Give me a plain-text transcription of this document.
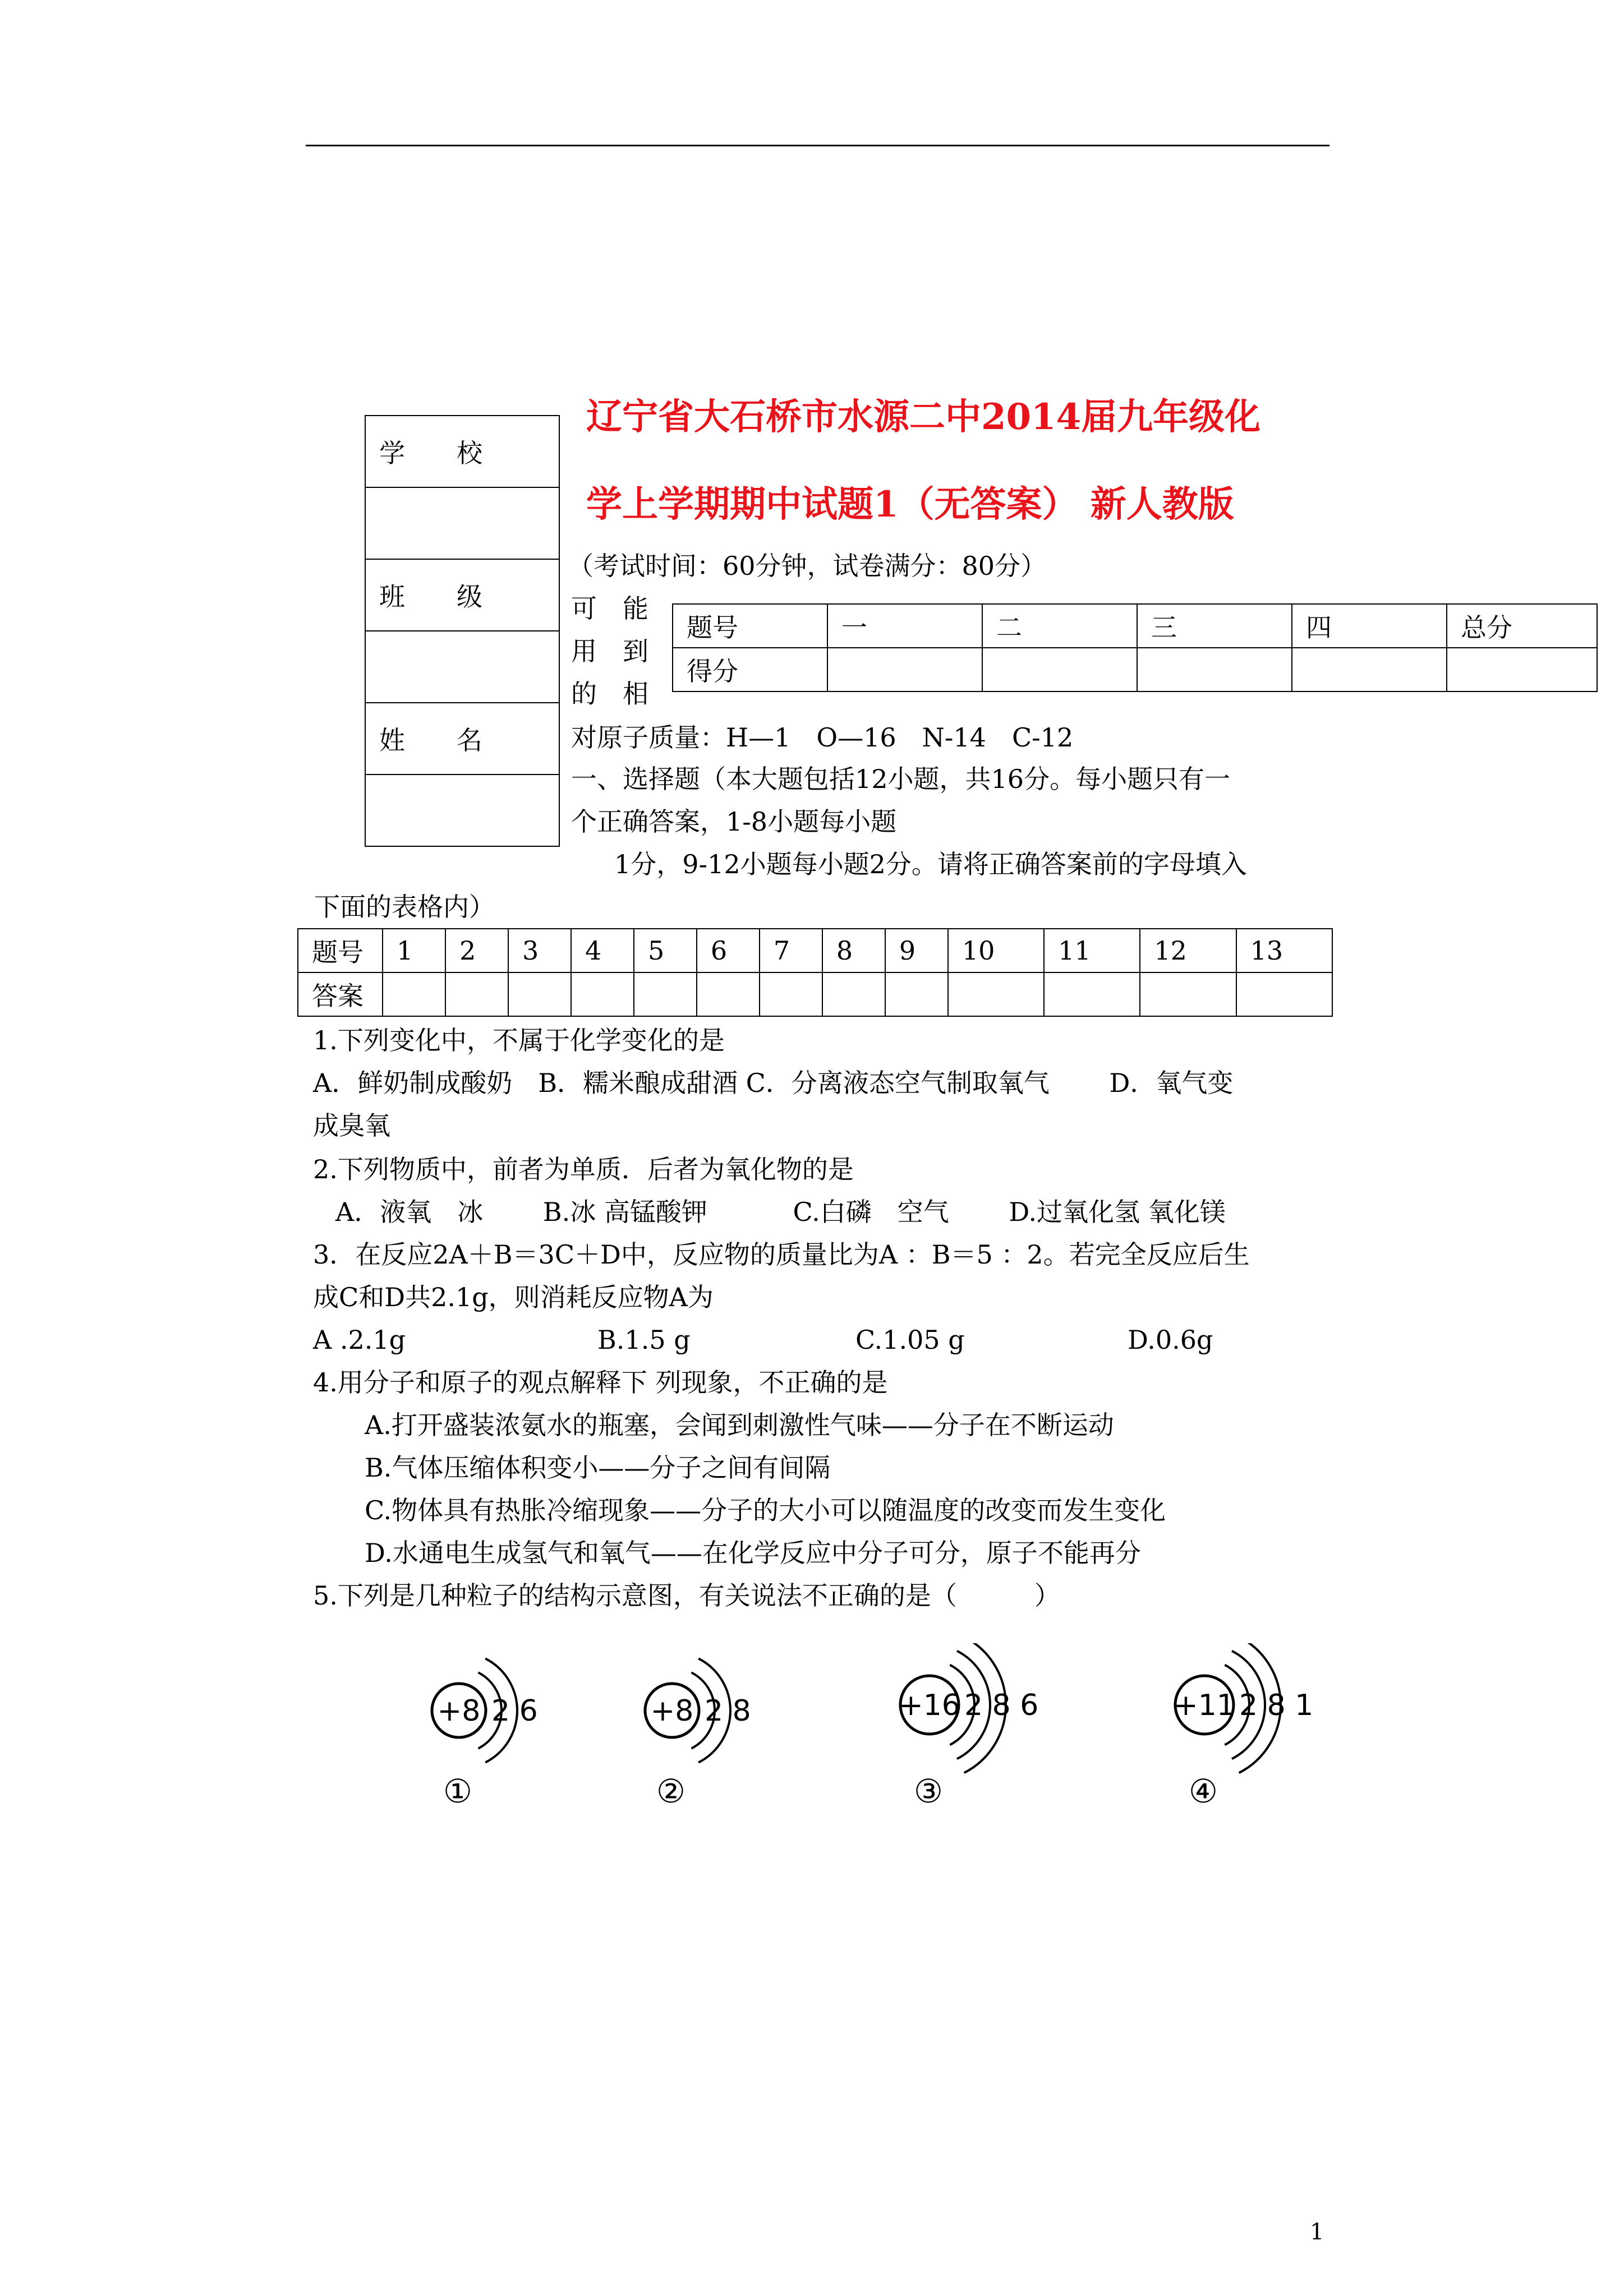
辽宁省大石桥市水源二中2014届九年级化
学上学期期中试题1（无答案） 新人教版
学　　校

班　　级

姓　　名

（考试时间：60分钟，试卷满分：80分）
可
用
的
能
到
相
题号	一	二	三	四	总分
得分					
对原子质量：H—1　O—16　N-14　C-12
一、选择题（本大题包括12小题，共16分。每小题只有一
个正确答案，1-8小题每小题
1分，9-12小题每小题2分。请将正确答案前的字母填入
下面的表格内）
题号	1	2	3	4	5	6	7	8	9	10	11	12	13
答案													
1.下列变化中，不属于化学变化的是
A．鲜奶制成酸奶　B．糯米酿成甜酒 C．分离液态空气制取氧气　　 D．氧气变
成臭氧
2.下列物质中，前者为单质．后者为氧化物的是
A．液氧　冰　　 B.冰 高锰酸钾　　　 C.白磷　空气　　 D.过氧化氢 氧化镁
3．在反应2A＋B＝3C＋D中，反应物的质量比为A ：B＝5 ：2。若完全反应后生
成C和D共2.1g，则消耗反应物A为
A .2.1g	B.1.5 g	C.1.05 g	D.0.6g
4.用分子和原子的观点解释下 列现象，不正确的是
A.打开盛装浓氨水的瓶塞，会闻到刺激性气味——分子在不断运动
B.气体压缩体积变小——分子之间有间隔
C.物体具有热胀冷缩现象——分子的大小可以随温度的改变而发生变化
D.水通电生成氢气和氧气——在化学反应中分子可分，原子不能再分
5.下列是几种粒子的结构示意图，有关说法不正确的是（　　　）
+8 2 6
①
+8 2 8
②
+16 2 8 6
③
+11 2 8 1
④
1
